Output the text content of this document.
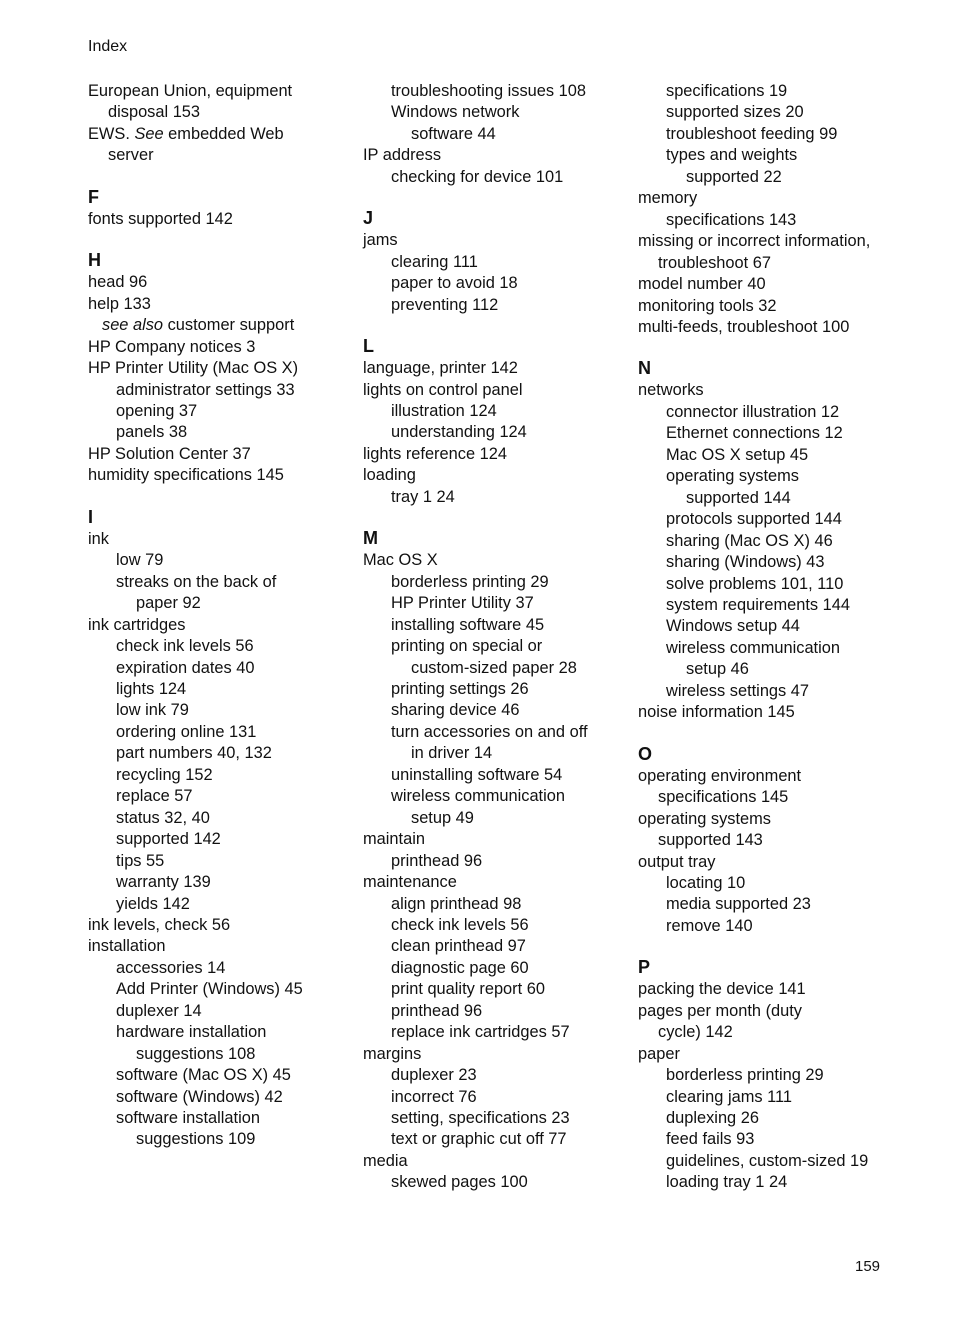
Index
European Union, equipment
disposal 153
EWS. See embedded Web
server
F
fonts supported 142
H
head 96
help 133
see also customer support
HP Company notices 3
HP Printer Utility (Mac OS X)
administrator settings 33
opening 37
panels 38
HP Solution Center 37
humidity specifications 145
I
ink
low 79
streaks on the back of
paper 92
ink cartridges
check ink levels 56
expiration dates 40
lights 124
low ink 79
ordering online 131
part numbers 40, 132
recycling 152
replace 57
status 32, 40
supported 142
tips 55
warranty 139
yields 142
ink levels, check 56
installation
accessories 14
Add Printer (Windows) 45
duplexer 14
hardware installation
suggestions 108
software (Mac OS X) 45
software (Windows) 42
software installation
suggestions 109
troubleshooting issues 108
Windows network
software 44
IP address
checking for device 101
J
jams
clearing 111
paper to avoid 18
preventing 112
L
language, printer 142
lights on control panel
illustration 124
understanding 124
lights reference 124
loading
tray 1 24
M
Mac OS X
borderless printing 29
HP Printer Utility 37
installing software 45
printing on special or
custom-sized paper 28
printing settings 26
sharing device 46
turn accessories on and off
in driver 14
uninstalling software 54
wireless communication
setup 49
maintain
printhead 96
maintenance
align printhead 98
check ink levels 56
clean printhead 97
diagnostic page 60
print quality report 60
printhead 96
replace ink cartridges 57
margins
duplexer 23
incorrect 76
setting, specifications 23
text or graphic cut off 77
media
skewed pages 100
specifications 19
supported sizes 20
troubleshoot feeding 99
types and weights
supported 22
memory
specifications 143
missing or incorrect information,
troubleshoot 67
model number 40
monitoring tools 32
multi-feeds, troubleshoot 100
N
networks
connector illustration 12
Ethernet connections 12
Mac OS X setup 45
operating systems
supported 144
protocols supported 144
sharing (Mac OS X) 46
sharing (Windows) 43
solve problems 101, 110
system requirements 144
Windows setup 44
wireless communication
setup 46
wireless settings 47
noise information 145
O
operating environment
specifications 145
operating systems
supported 143
output tray
locating 10
media supported 23
remove 140
P
packing the device 141
pages per month (duty
cycle) 142
paper
borderless printing 29
clearing jams 111
duplexing 26
feed fails 93
guidelines, custom-sized 19
loading tray 1 24
159
